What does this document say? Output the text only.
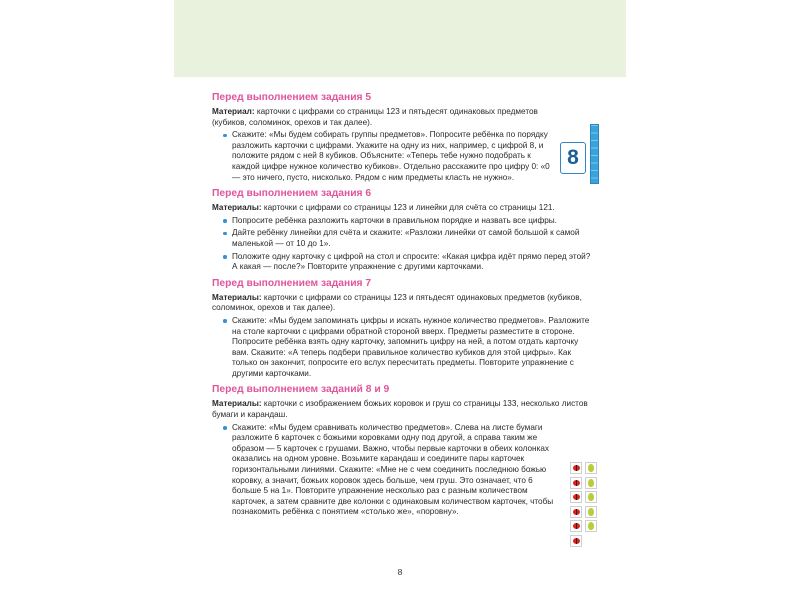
Перед выполнением задания 5
Материал: карточки с цифрами со страницы 123 и пятьдесят одинаковых предметов (кубиков, соломинок, орехов и так далее).
Скажите: «Мы будем собирать группы предметов». Попросите ребёнка по порядку разложить карточки с цифрами. Укажите на одну из них, например, с цифрой 8, и положите рядом с ней 8 кубиков. Объясните: «Теперь тебе нужно подобрать к каждой цифре нужное количество кубиков». Отдельно расскажите про цифру 0: «0 — это ничего, пусто, нисколько. Рядом с ним предметы класть не нужно».
Перед выполнением задания 6
Материалы: карточки с цифрами со страницы 123 и линейки для счёта со страницы 121.
Попросите ребёнка разложить карточки в правильном порядке и назвать все цифры.
Дайте ребёнку линейки для счёта и скажите: «Разложи линейки от самой большой к самой маленькой — от 10 до 1».
Положите одну карточку с цифрой на стол и спросите: «Какая цифра идёт прямо перед этой? А какая — после?» Повторите упражнение с другими карточками.
Перед выполнением задания 7
Материалы: карточки с цифрами со страницы 123 и пятьдесят одинаковых предметов (кубиков, соломинок, орехов и так далее).
Скажите: «Мы будем запоминать цифры и искать нужное количество предметов». Разложите на столе карточки с цифрами обратной стороной вверх. Предметы разместите в стороне. Попросите ребёнка взять одну карточку, запомнить цифру на ней, а потом отдать карточку вам. Скажите: «А теперь подбери правильное количество кубиков для этой цифры». Как только он закончит, попросите его вслух пересчитать предметы. Повторите упражнение с другими карточками.
Перед выполнением заданий 8 и 9
Материалы: карточки с изображением божьих коровок и груш со страницы 133, несколько листов бумаги и карандаш.
Скажите: «Мы будем сравнивать количество предметов». Слева на листе бумаги разложите 6 карточек с божьими коровками одну под другой, а справа таким же образом — 5 карточек с грушами. Важно, чтобы первые карточки в обеих колонках оказались на одном уровне. Возьмите карандаш и соедините пары карточек горизонтальными линиями. Скажите: «Мне не с чем соединить последнюю божью коровку, а значит, божьих коровок здесь больше, чем груш. Это означает, что 6 больше 5 на 1». Повторите упражнение несколько раз с разным количеством карточек, а затем сравните две колонки с одинаковым количеством карточек, чтобы познакомить ребёнка с понятием «столько же», «поровну».
8
8
